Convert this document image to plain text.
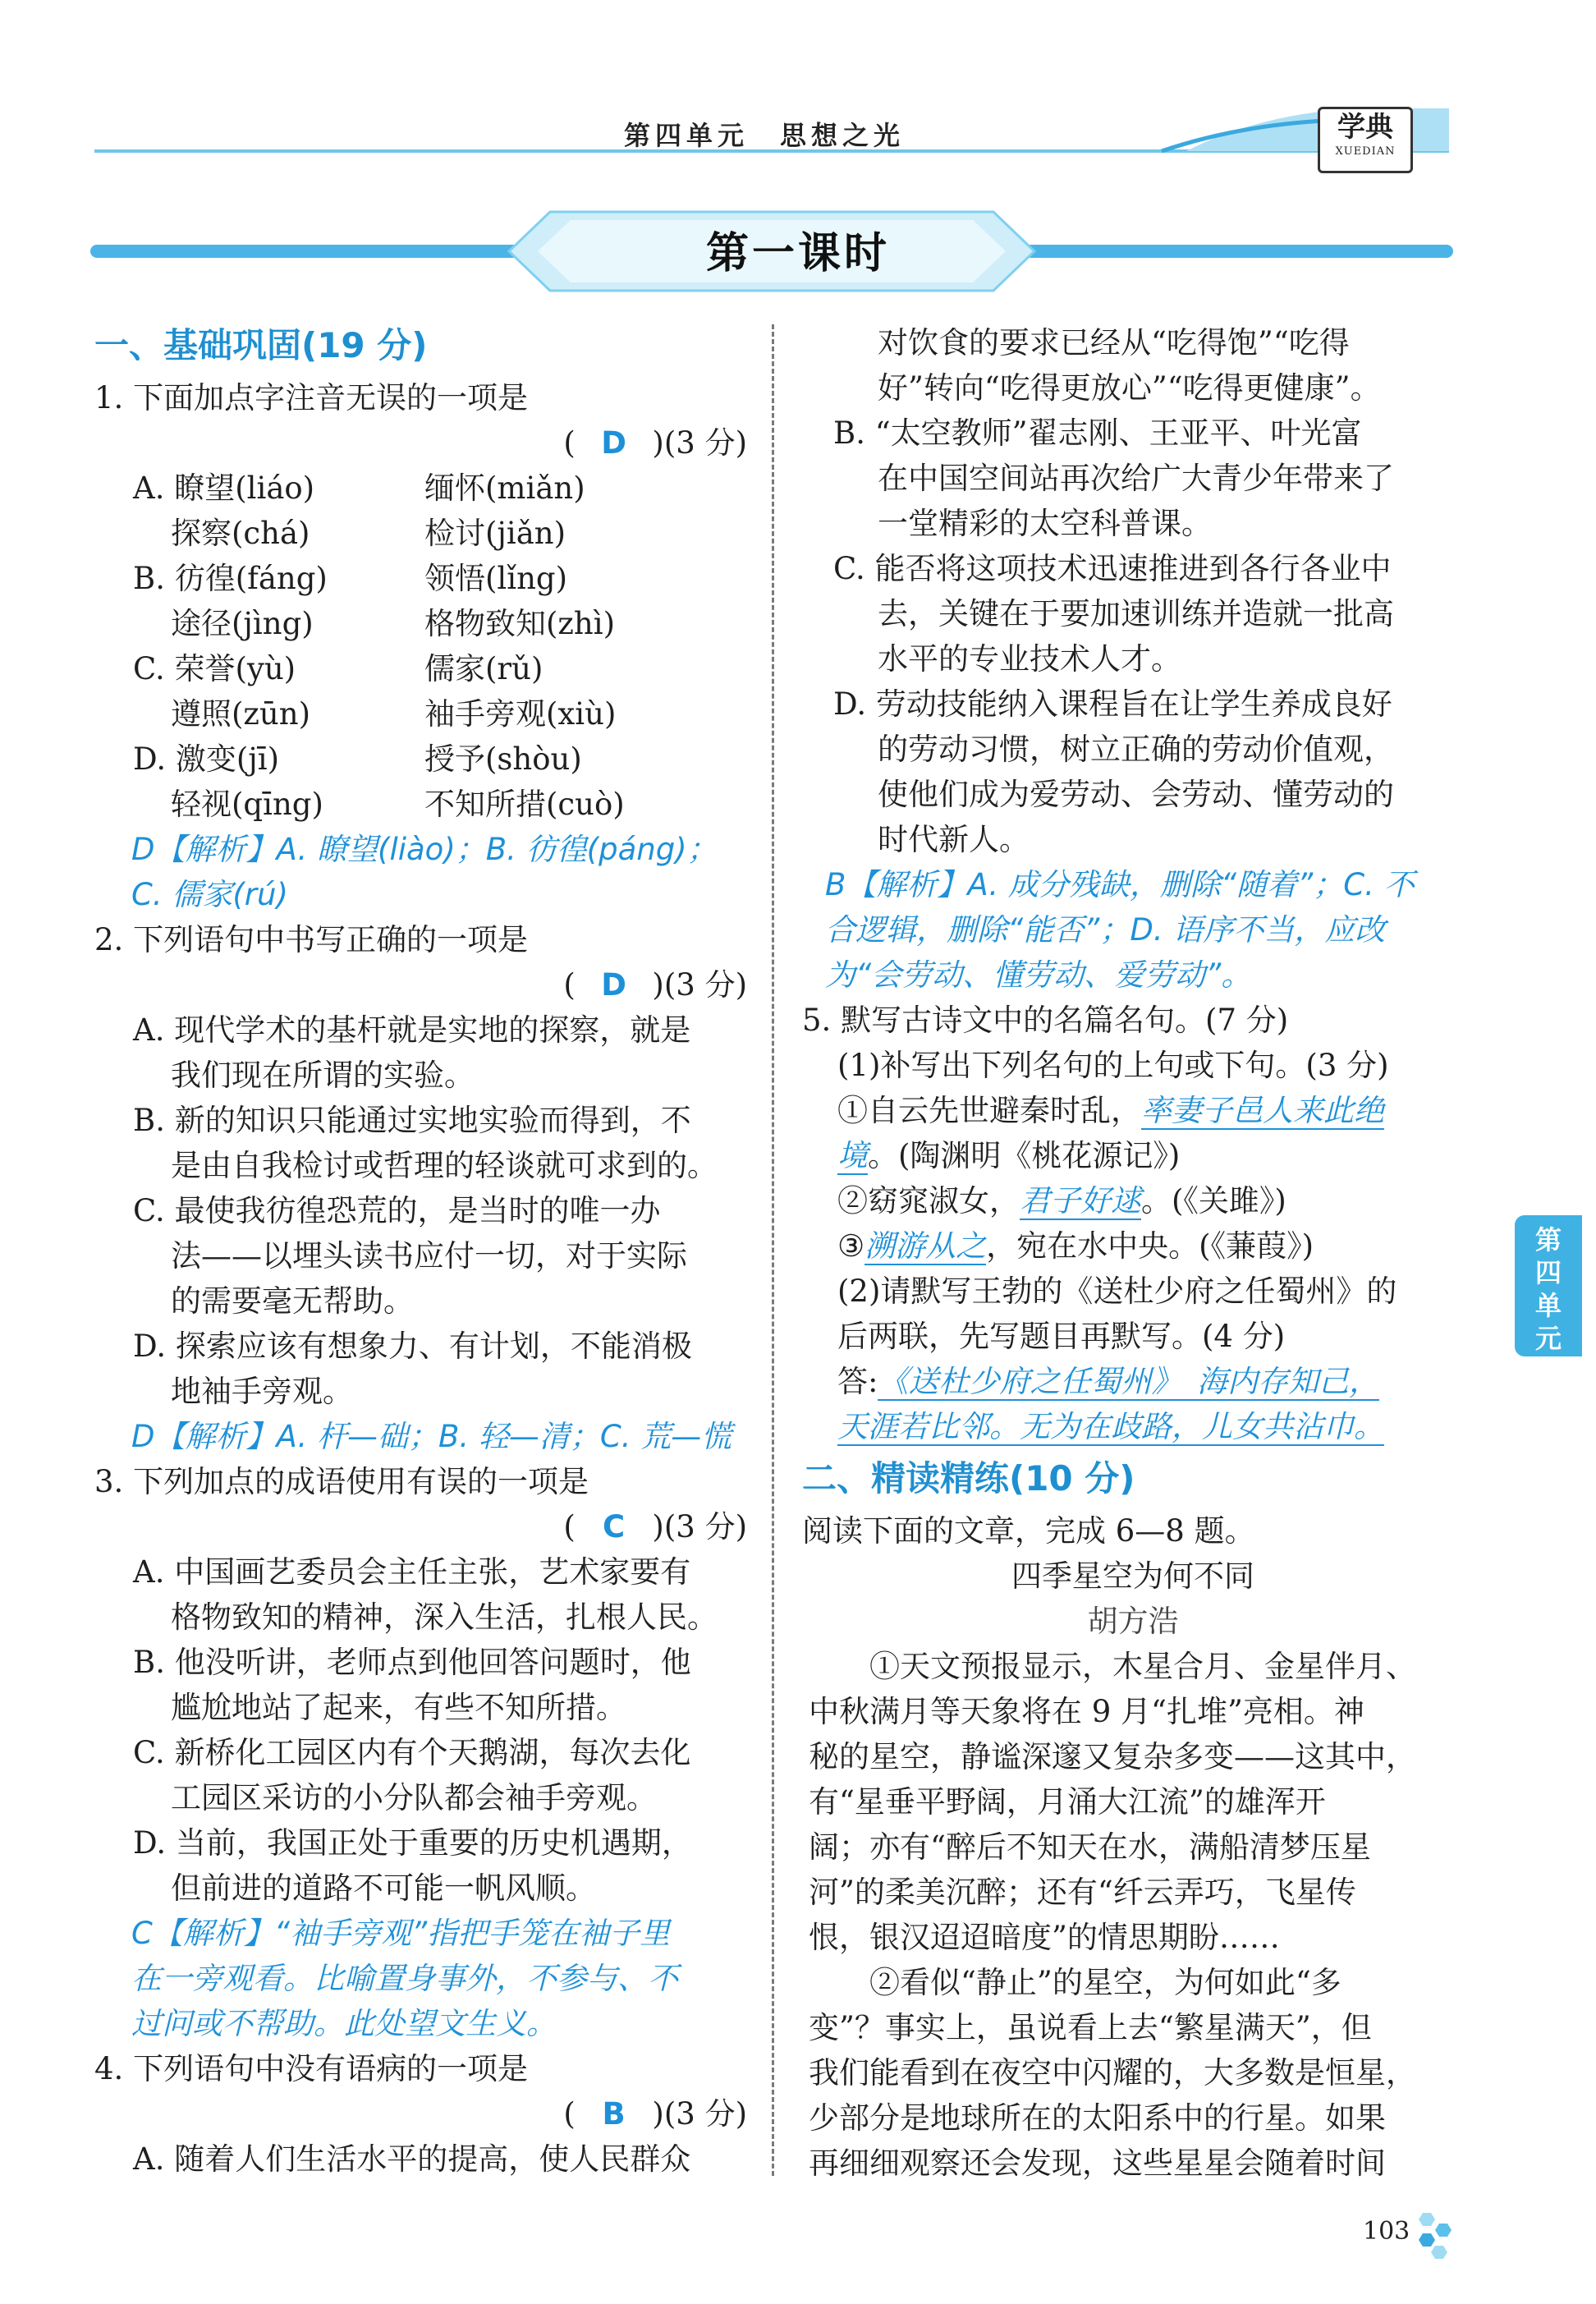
第四单元　思想之光	学典
XUEDIAN
第一课时

一、基础巩固(19 分)

1. 下面加点字注音无误的一项是

( D )(3 分)

A. 瞭望(liáo)	缅怀(miǎn)
探察(chá)	检讨(jiǎn)
B. 彷徨(fáng)	领悟(lǐng)
途径(jìng)	格物致知(zhì)
C. 荣誉(yù)	儒家(rǔ)
遵照(zūn)	袖手旁观(xiù)
D. 激变(jī)	授予(shòu)
轻视(qīng)	不知所措(cuò)

D【解析】A. 瞭望(liào)；B. 彷徨(páng)；

C. 儒家(rú)

2. 下列语句中书写正确的一项是

( D )(3 分)

A. 现代学术的基杆就是实地的探察，就是

我们现在所谓的实验。

B. 新的知识只能通过实地实验而得到，不

是由自我检讨或哲理的轻谈就可求到的。

C. 最使我彷徨恐荒的，是当时的唯一办

法——以埋头读书应付一切，对于实际

的需要毫无帮助。

D. 探索应该有想象力、有计划，不能消极

地袖手旁观。

D【解析】A. 杆—础；B. 轻—清；C. 荒—慌

3. 下列加点的成语使用有误的一项是

( C )(3 分)

A. 中国画艺委员会主任主张，艺术家要有

格物致知的精神，深入生活，扎根人民。

B. 他没听讲，老师点到他回答问题时，他

尴尬地站了起来，有些不知所措。

C. 新桥化工园区内有个天鹅湖，每次去化

工园区采访的小分队都会袖手旁观。

D. 当前，我国正处于重要的历史机遇期，

但前进的道路不可能一帆风顺。

C【解析】“袖手旁观”指把手笼在袖子里

在一旁观看。比喻置身事外，不参与、不

过问或不帮助。此处望文生义。

4. 下列语句中没有语病的一项是

( B )(3 分)

A. 随着人们生活水平的提高，使人民群众

对饮食的要求已经从“吃得饱”“吃得

好”转向“吃得更放心”“吃得更健康”。

B. “太空教师”翟志刚、王亚平、叶光富

在中国空间站再次给广大青少年带来了

一堂精彩的太空科普课。

C. 能否将这项技术迅速推进到各行各业中

去，关键在于要加速训练并造就一批高

水平的专业技术人才。

D. 劳动技能纳入课程旨在让学生养成良好

的劳动习惯，树立正确的劳动价值观，

使他们成为爱劳动、会劳动、懂劳动的

时代新人。

B【解析】A. 成分残缺，删除“随着”；C. 不

合逻辑，删除“能否”；D. 语序不当，应改

为“会劳动、懂劳动、爱劳动”。

5. 默写古诗文中的名篇名句。(7 分)

(1)补写出下列名句的上句或下句。(3 分)

①自云先世避秦时乱，率妻子邑人来此绝

境。(陶渊明《桃花源记》)

②窈窕淑女，君子好逑。(《关雎》)

③溯游从之，宛在水中央。(《蒹葭》)

(2)请默写王勃的《送杜少府之任蜀州》的

后两联，先写题目再默写。(4 分)

答:《送杜少府之任蜀州》　海内存知己，

天涯若比邻。无为在歧路，儿女共沾巾。

二、精读精练(10 分)

阅读下面的文章，完成 6—8 题。

四季星空为何不同

胡方浩

①天文预报显示，木星合月、金星伴月、

中秋满月等天象将在 9 月“扎堆”亮相。神

秘的星空，静谧深邃又复杂多变——这其中，

有“星垂平野阔，月涌大江流”的雄浑开

阔；亦有“醉后不知天在水，满船清梦压星

河”的柔美沉醉；还有“纤云弄巧，飞星传

恨，银汉迢迢暗度”的情思期盼……

②看似“静止”的星空，为何如此“多

变”？事实上，虽说看上去“繁星满天”，但

我们能看到在夜空中闪耀的，大多数是恒星，

少部分是地球所在的太阳系中的行星。如果

再细细观察还会发现，这些星星会随着时间

第四单元
103
